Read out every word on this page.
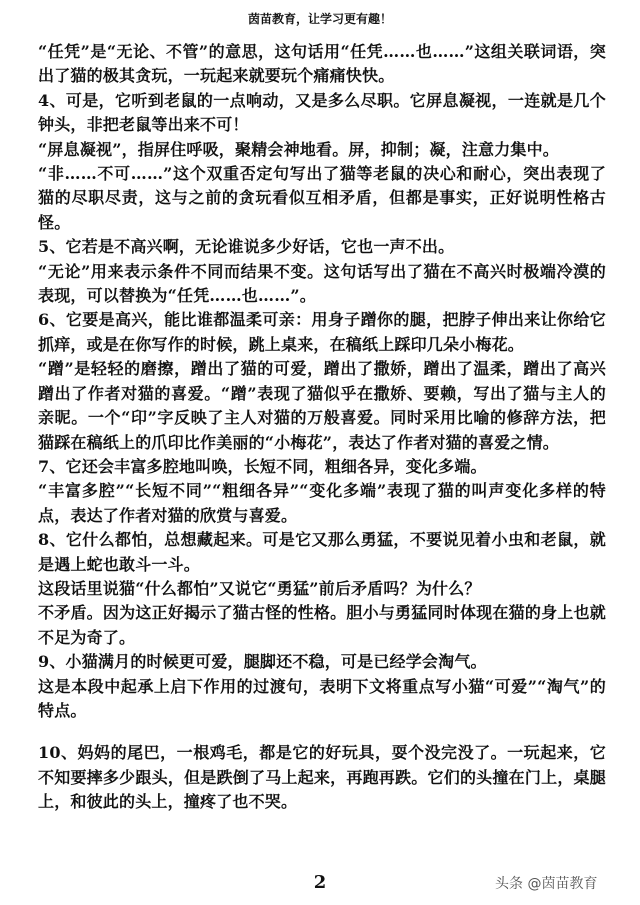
茵苗教育，让学习更有趣！

“任凭”是“无论、不管”的意思，这句话用“任凭……也……”这组关联词语，突出了猫的极其贪玩，一玩起来就要玩个痛痛快快。

4、可是，它听到老鼠的一点响动，又是多么尽职。它屏息凝视，一连就是几个钟头，非把老鼠等出来不可！

“屏息凝视”，指屏住呼吸，聚精会神地看。屏，抑制；凝，注意力集中。

“非……不可……”这个双重否定句写出了猫等老鼠的决心和耐心，突出表现了猫的尽职尽责，这与之前的贪玩看似互相矛盾，但都是事实，正好说明性格古怪。

5、它若是不高兴啊，无论谁说多少好话，它也一声不出。

“无论”用来表示条件不同而结果不变。这句话写出了猫在不高兴时极端冷漠的表现，可以替换为“任凭……也……”。

6、它要是高兴，能比谁都温柔可亲：用身子蹭你的腿，把脖子伸出来让你给它抓痒，或是在你写作的时候，跳上桌来，在稿纸上踩印几朵小梅花。

“蹭”是轻轻的磨擦，蹭出了猫的可爱，蹭出了撒娇，蹭出了温柔，蹭出了高兴蹭出了作者对猫的喜爱。“蹭”表现了猫似乎在撒娇、要赖，写出了猫与主人的亲昵。一个“印”字反映了主人对猫的万般喜爱。同时采用比喻的修辞方法，把猫踩在稿纸上的爪印比作美丽的“小梅花”，表达了作者对猫的喜爱之情。

7、它还会丰富多腔地叫唤，长短不同，粗细各异，变化多端。

“丰富多腔”“长短不同”“粗细各异”“变化多端”表现了猫的叫声变化多样的特点，表达了作者对猫的欣赏与喜爱。

8、它什么都怕，总想藏起来。可是它又那么勇猛，不要说见着小虫和老鼠，就是遇上蛇也敢斗一斗。

这段话里说猫“什么都怕”又说它“勇猛”前后矛盾吗？为什么？

不矛盾。因为这正好揭示了猫古怪的性格。胆小与勇猛同时体现在猫的身上也就不足为奇了。

9、小猫满月的时候更可爱，腿脚还不稳，可是已经学会淘气。

这是本段中起承上启下作用的过渡句，表明下文将重点写小猫“可爱”“淘气”的特点。

10、妈妈的尾巴，一根鸡毛，都是它的好玩具，耍个没完没了。一玩起来，它不知要摔多少跟头，但是跌倒了马上起来，再跑再跌。它们的头撞在门上，桌腿上，和彼此的头上，撞疼了也不哭。

2	头条 @茵苗教育
